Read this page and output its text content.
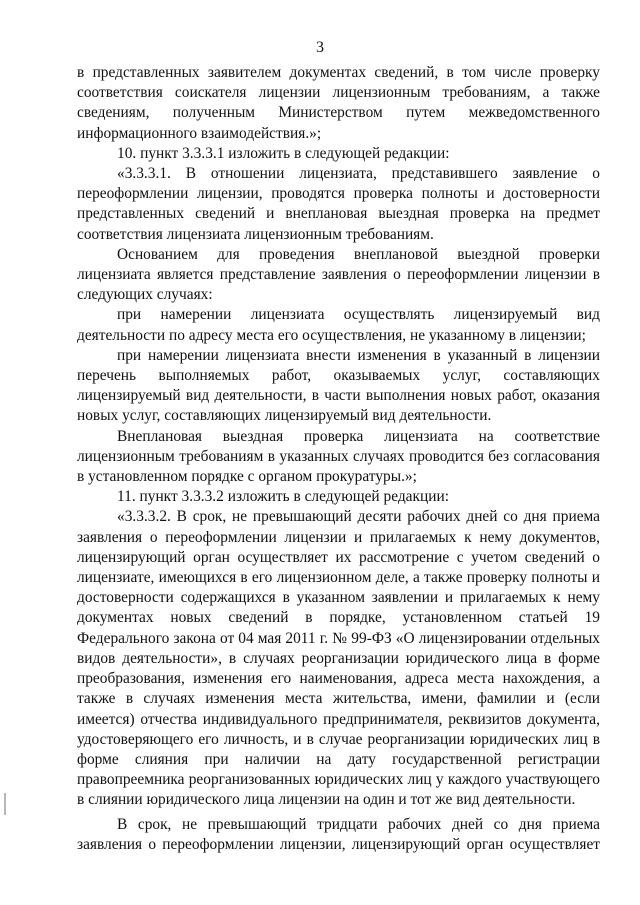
3

в представленных заявителем документах сведений, в том числе проверку соответствия соискателя лицензии лицензионным требованиям, а также сведениям, полученным Министерством путем межведомственного информационного взаимодействия.»;

10. пункт 3.3.3.1 изложить в следующей редакции:

«3.3.3.1. В отношении лицензиата, представившего заявление о переоформлении лицензии, проводятся проверка полноты и достоверности представленных сведений и внеплановая выездная проверка на предмет соответствия лицензиата лицензионным требованиям.

Основанием для проведения внеплановой выездной проверки лицензиата является представление заявления о переоформлении лицензии в следующих случаях:

при намерении лицензиата осуществлять лицензируемый вид деятельности по адресу места его осуществления, не указанному в лицензии;

при намерении лицензиата внести изменения в указанный в лицензии перечень выполняемых работ, оказываемых услуг, составляющих лицензируемый вид деятельности, в части выполнения новых работ, оказания новых услуг, составляющих лицензируемый вид деятельности.

Внеплановая выездная проверка лицензиата на соответствие лицензионным требованиям в указанных случаях проводится без согласования в установленном порядке с органом прокуратуры.»;

11. пункт 3.3.3.2 изложить в следующей редакции:

«3.3.3.2. В срок, не превышающий десяти рабочих дней со дня приема заявления о переоформлении лицензии и прилагаемых к нему документов, лицензирующий орган осуществляет их рассмотрение с учетом сведений о лицензиате, имеющихся в его лицензионном деле, а также проверку полноты и достоверности содержащихся в указанном заявлении и прилагаемых к нему документах новых сведений в порядке, установленном статьей 19 Федерального закона от 04 мая 2011 г. № 99-ФЗ «О лицензировании отдельных видов деятельности», в случаях реорганизации юридического лица в форме преобразования, изменения его наименования, адреса места нахождения, а также в случаях изменения места жительства, имени, фамилии и (если имеется) отчества индивидуального предпринимателя, реквизитов документа, удостоверяющего его личность, и в случае реорганизации юридических лиц в форме слияния при наличии на дату государственной регистрации правопреемника реорганизованных юридических лиц у каждого участвующего в слиянии юридического лица лицензии на один и тот же вид деятельности.

В срок, не превышающий тридцати рабочих дней со дня приема заявления о переоформлении лицензии, лицензирующий орган осуществляет
